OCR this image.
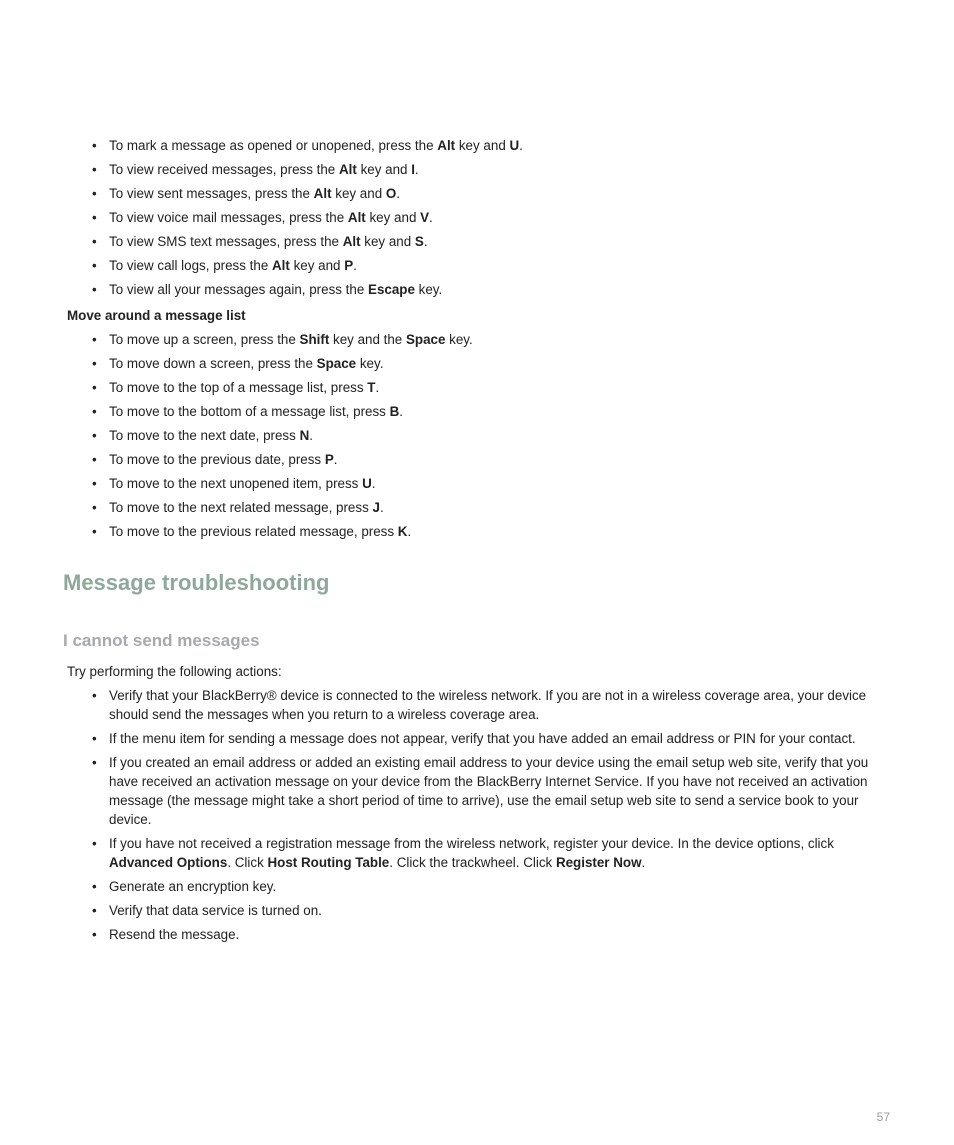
• To mark a message as opened or unopened, press the Alt key and U.
• To view received messages, press the Alt key and I.
• To view sent messages, press the Alt key and O.
• To view voice mail messages, press the Alt key and V.
• To view SMS text messages, press the Alt key and S.
• To view call logs, press the Alt key and P.
• To view all your messages again, press the Escape key.
Move around a message list
• To move up a screen, press the Shift key and the Space key.
• To move down a screen, press the Space key.
• To move to the top of a message list, press T.
• To move to the bottom of a message list, press B.
• To move to the next date, press N.
• To move to the previous date, press P.
• To move to the next unopened item, press U.
• To move to the next related message, press J.
• To move to the previous related message, press K.
Message troubleshooting
I cannot send messages
Try performing the following actions:
• Verify that your BlackBerry® device is connected to the wireless network. If you are not in a wireless coverage area, your device should send the messages when you return to a wireless coverage area.
• If the menu item for sending a message does not appear, verify that you have added an email address or PIN for your contact.
• If you created an email address or added an existing email address to your device using the email setup web site, verify that you have received an activation message on your device from the BlackBerry Internet Service. If you have not received an activation message (the message might take a short period of time to arrive), use the email setup web site to send a service book to your device.
• If you have not received a registration message from the wireless network, register your device. In the device options, click Advanced Options. Click Host Routing Table. Click the trackwheel. Click Register Now.
• Generate an encryption key.
• Verify that data service is turned on.
• Resend the message.
57
